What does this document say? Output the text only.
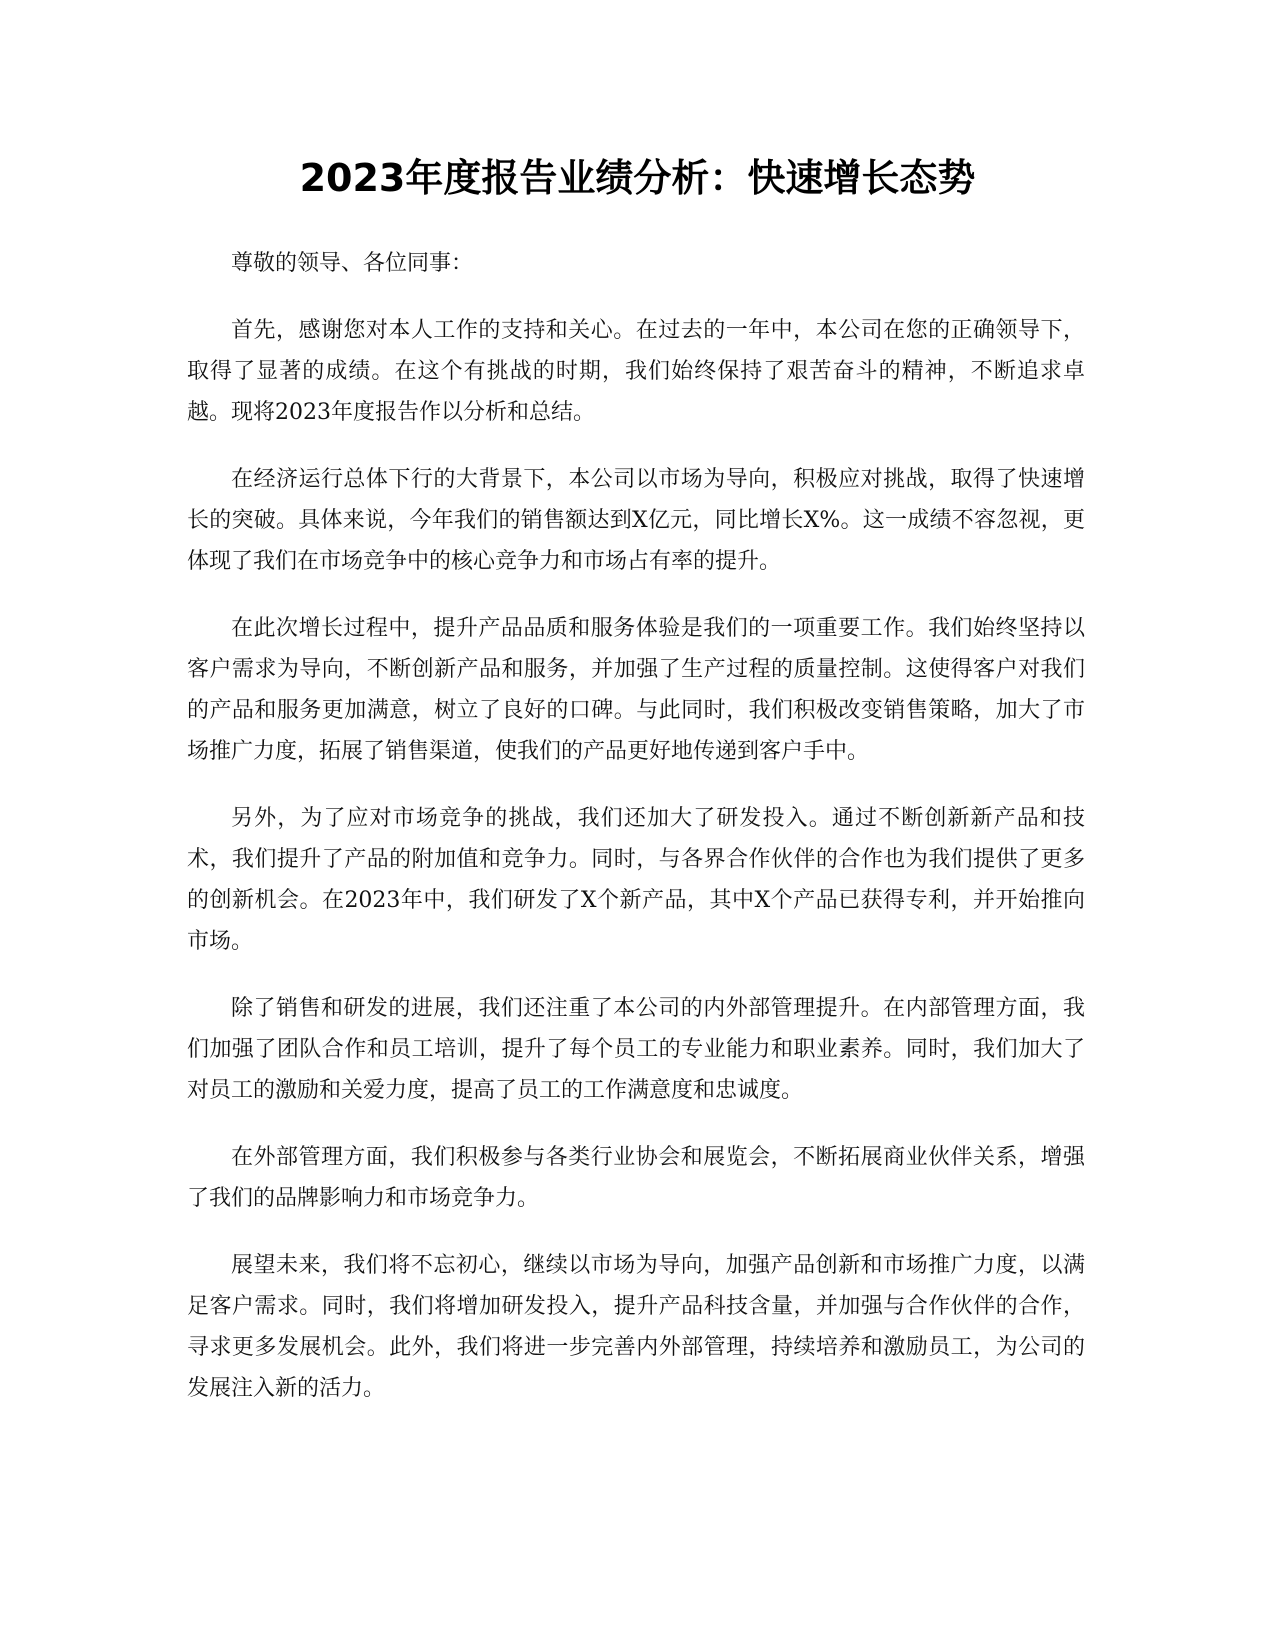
2023年度报告业绩分析：快速增长态势

尊敬的领导、各位同事：

首先，感谢您对本人工作的支持和关心。在过去的一年中，本公司在您的正确领导下，取得了显著的成绩。在这个有挑战的时期，我们始终保持了艰苦奋斗的精神，不断追求卓越。现将2023年度报告作以分析和总结。

在经济运行总体下行的大背景下，本公司以市场为导向，积极应对挑战，取得了快速增长的突破。具体来说，今年我们的销售额达到X亿元，同比增长X%。这一成绩不容忽视，更体现了我们在市场竞争中的核心竞争力和市场占有率的提升。

在此次增长过程中，提升产品品质和服务体验是我们的一项重要工作。我们始终坚持以客户需求为导向，不断创新产品和服务，并加强了生产过程的质量控制。这使得客户对我们的产品和服务更加满意，树立了良好的口碑。与此同时，我们积极改变销售策略，加大了市场推广力度，拓展了销售渠道，使我们的产品更好地传递到客户手中。

另外，为了应对市场竞争的挑战，我们还加大了研发投入。通过不断创新新产品和技术，我们提升了产品的附加值和竞争力。同时，与各界合作伙伴的合作也为我们提供了更多的创新机会。在2023年中，我们研发了X个新产品，其中X个产品已获得专利，并开始推向市场。

除了销售和研发的进展，我们还注重了本公司的内外部管理提升。在内部管理方面，我们加强了团队合作和员工培训，提升了每个员工的专业能力和职业素养。同时，我们加大了对员工的激励和关爱力度，提高了员工的工作满意度和忠诚度。

在外部管理方面，我们积极参与各类行业协会和展览会，不断拓展商业伙伴关系，增强了我们的品牌影响力和市场竞争力。

展望未来，我们将不忘初心，继续以市场为导向，加强产品创新和市场推广力度，以满足客户需求。同时，我们将增加研发投入，提升产品科技含量，并加强与合作伙伴的合作，寻求更多发展机会。此外，我们将进一步完善内外部管理，持续培养和激励员工，为公司的发展注入新的活力。
